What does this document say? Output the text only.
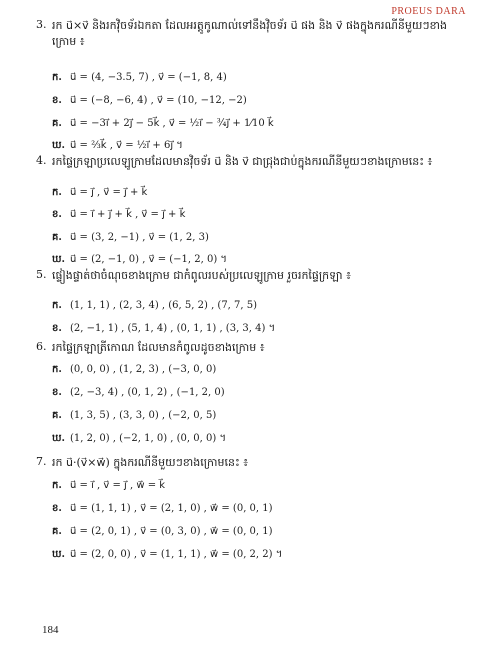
PROEUS DARA
3. រក u⃗×v⃗ និងរកវ៉ិចទ័រឯកតា ដែលអរត្តូកូណាល់ទៅនឹងវ៉ិចទ័រ u⃗ ផង និង v⃗ ផងក្នុងករណីនីមួយៗខាងក្រោម ៖
ក. u⃗ = (4, −3.5, 7) , v⃗ = (−1, 8, 4)
ខ. u⃗ = (−8, −6, 4) , v⃗ = (10, −12, −2)
គ. u⃗ = −3i⃗ + 2j⃗ − 5k⃗ , v⃗ = ½i⃗ − ¾j⃗ + 1⁄10 k⃗
ឃ. u⃗ = ⅔k⃗ , v⃗ = ½i⃗ + 6j⃗ ។
4. រកផ្ទៃក្រឡាប្រលេឡូក្រាមដែលមានវ៉ិចទ័រ u⃗ និង v⃗ ជាជ្រុងជាប់ក្នុងករណីនីមួយៗខាងក្រោមនេះ ៖
ក. u⃗ = j⃗ , v⃗ = j⃗ + k⃗
ខ. u⃗ = i⃗ + j⃗ + k⃗ , v⃗ = j⃗ + k⃗
គ. u⃗ = (3, 2, −1) , v⃗ = (1, 2, 3)
ឃ. u⃗ = (2, −1, 0) , v⃗ = (−1, 2, 0) ។
5. ផ្ទៀងផ្ទាត់ថាចំណុចខាងក្រោម ជាកំពូលរបស់ប្រលេឡូក្រាម រួចរកផ្ទៃក្រឡា ៖
ក. (1, 1, 1) , (2, 3, 4) , (6, 5, 2) , (7, 7, 5)
ខ. (2, −1, 1) , (5, 1, 4) , (0, 1, 1) , (3, 3, 4) ។
6. រកផ្ទៃក្រឡាត្រីកោណ ដែលមានកំពូលដូចខាងក្រោម ៖
ក. (0, 0, 0) , (1, 2, 3) , (−3, 0, 0)
ខ. (2, −3, 4) , (0, 1, 2) , (−1, 2, 0)
គ. (1, 3, 5) , (3, 3, 0) , (−2, 0, 5)
ឃ. (1, 2, 0) , (−2, 1, 0) , (0, 0, 0) ។
7. រក u⃗·(v⃗×w⃗) ក្នុងករណីនីមួយៗខាងក្រោមនេះ ៖
ក. u⃗ = i⃗ , v⃗ = j⃗ , w⃗ = k⃗
ខ. u⃗ = (1, 1, 1) , v⃗ = (2, 1, 0) , w⃗ = (0, 0, 1)
គ. u⃗ = (2, 0, 1) , v⃗ = (0, 3, 0) , w⃗ = (0, 0, 1)
ឃ. u⃗ = (2, 0, 0) , v⃗ = (1, 1, 1) , w⃗ = (0, 2, 2) ។
184
